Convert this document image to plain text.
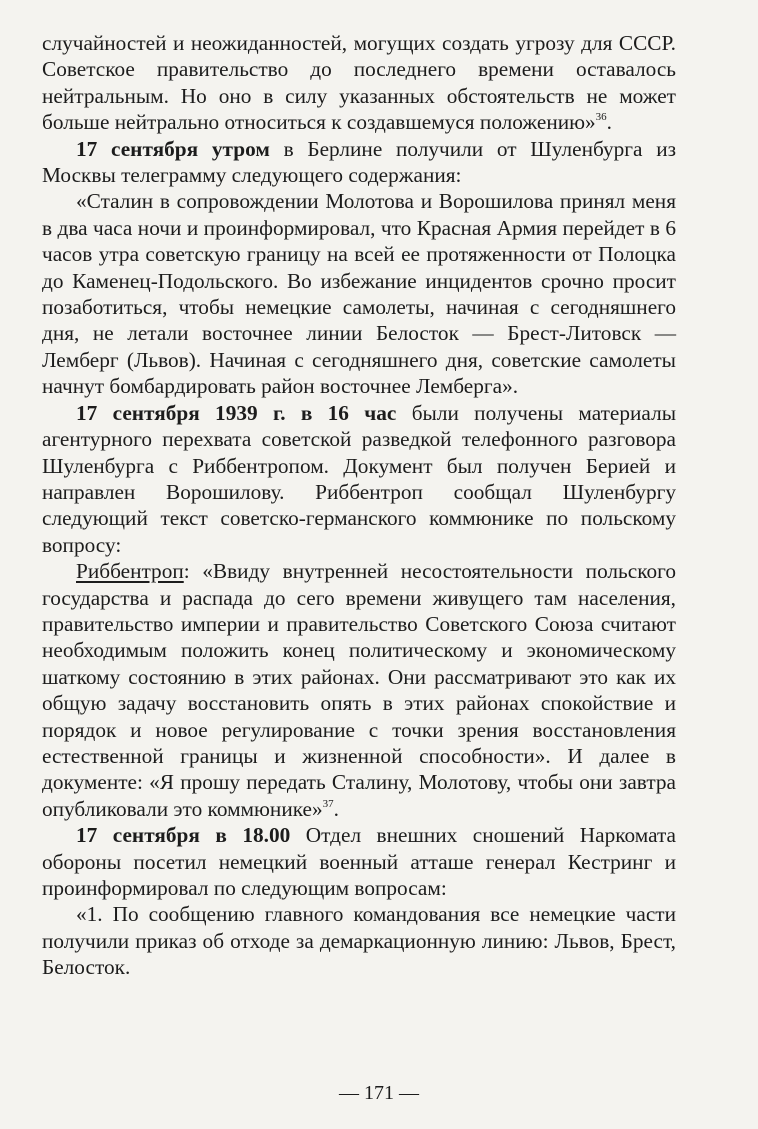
случайностей и неожиданностей, могущих создать угрозу для СССР. Советское правительство до последнего времени оставалось нейтральным. Но оно в силу указанных обстоятельств не может больше нейтрально относиться к создавшемуся положению»$^{36}$.

17 сентября утром в Берлине получили от Шуленбурга из Москвы телеграмму следующего содержания:

«Сталин в сопровождении Молотова и Ворошилова принял меня в два часа ночи и проинформировал, что Красная Армия перейдет в 6 часов утра советскую границу на всей ее протяженности от Полоцка до Каменец-Подольского. Во избежание инцидентов срочно просит позаботиться, чтобы немецкие самолеты, начиная с сегодняшнего дня, не летали восточнее линии Белосток — Брест-Литовск — Лемберг (Львов). Начиная с сегодняшнего дня, советские самолеты начнут бомбардировать район восточнее Лемберга».

17 сентября 1939 г. в 16 час были получены материалы агентурного перехвата советской разведкой телефонного разговора Шуленбурга с Риббентропом. Документ был получен Берией и направлен Ворошилову. Риббентроп сообщал Шуленбургу следующий текст советско-германского коммюнике по польскому вопросу:

Риббентроп: «Ввиду внутренней несостоятельности польского государства и распада до сего времени живущего там населения, правительство империи и правительство Советского Союза считают необходимым положить конец политическому и экономическому шаткому состоянию в этих районах. Они рассматривают это как их общую задачу восстановить опять в этих районах спокойствие и порядок и новое регулирование с точки зрения восстановления естественной границы и жизненной способности». И далее в документе: «Я прошу передать Сталину, Молотову, чтобы они завтра опубликовали это коммюнике»$^{37}$.

17 сентября в 18.00 Отдел внешних сношений Наркомата обороны посетил немецкий военный атташе генерал Кестринг и проинформировал по следующим вопросам:

«1. По сообщению главного командования все немецкие части получили приказ об отходе за демаркационную линию: Львов, Брест, Белосток.

— 171 —
